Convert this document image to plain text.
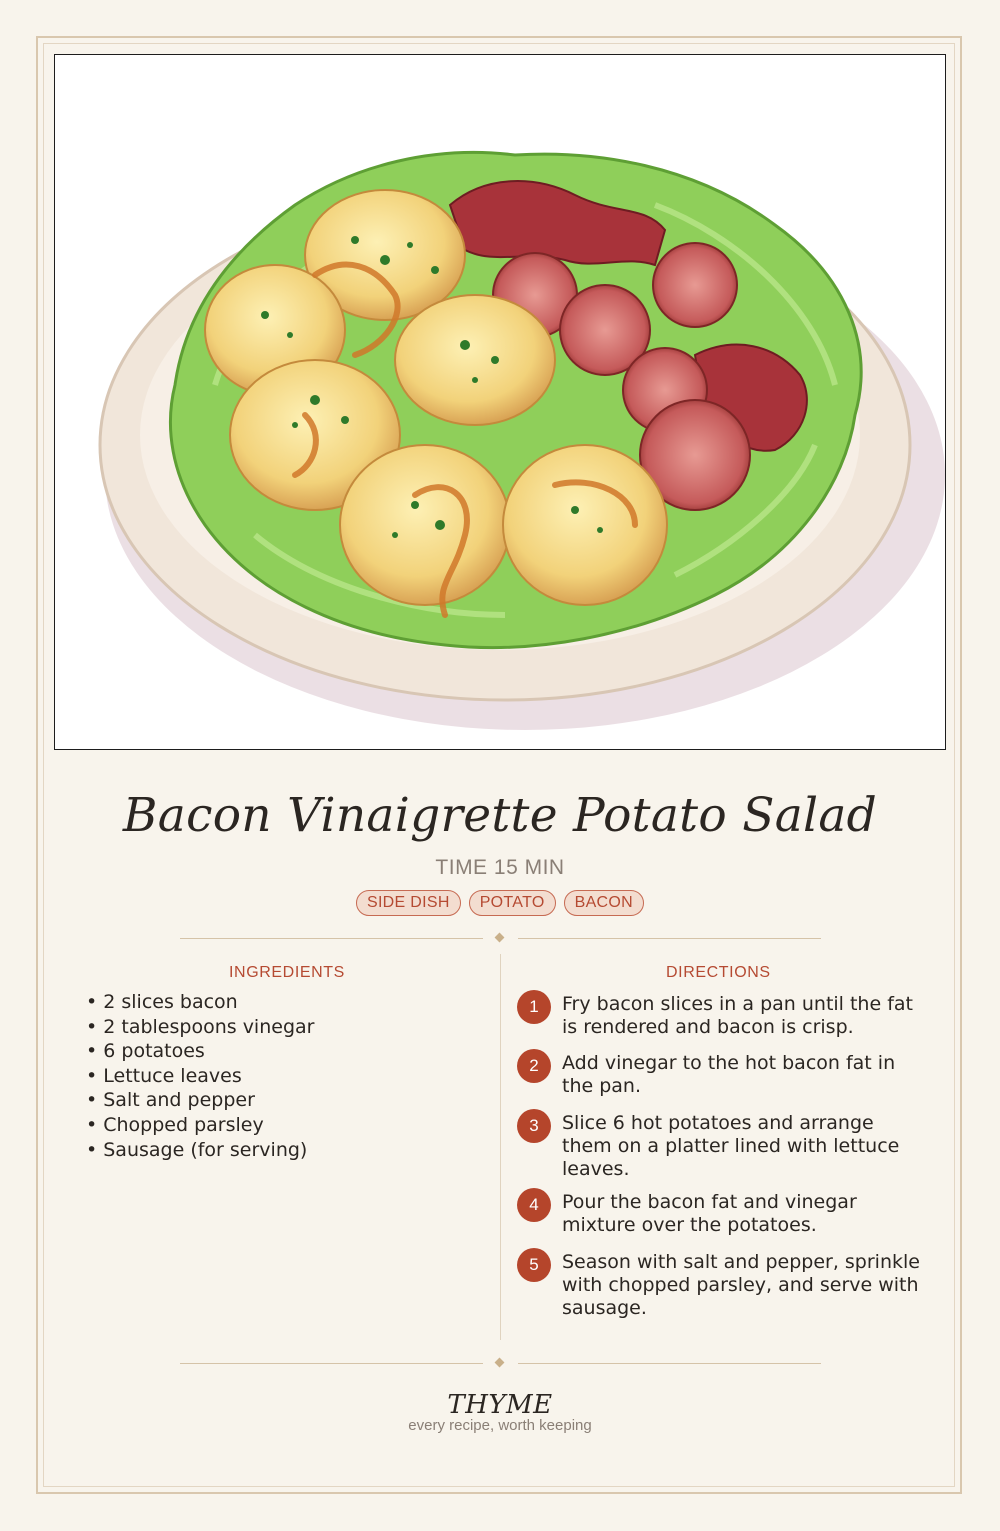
Bacon Vinaigrette Potato Salad
TIME 15 MIN
SIDE DISH	POTATO	BACON
INGREDIENTS
• 2 slices bacon
• 2 tablespoons vinegar
• 6 potatoes
• Lettuce leaves
• Salt and pepper
• Chopped parsley
• Sausage (for serving)
DIRECTIONS
1	Fry bacon slices in a pan until the fat is rendered and bacon is crisp.
2	Add vinegar to the hot bacon fat in the pan.
3	Slice 6 hot potatoes and arrange them on a platter lined with lettuce leaves.
4	Pour the bacon fat and vinegar mixture over the potatoes.
5	Season with salt and pepper, sprinkle with chopped parsley, and serve with sausage.
THYME
every recipe, worth keeping
